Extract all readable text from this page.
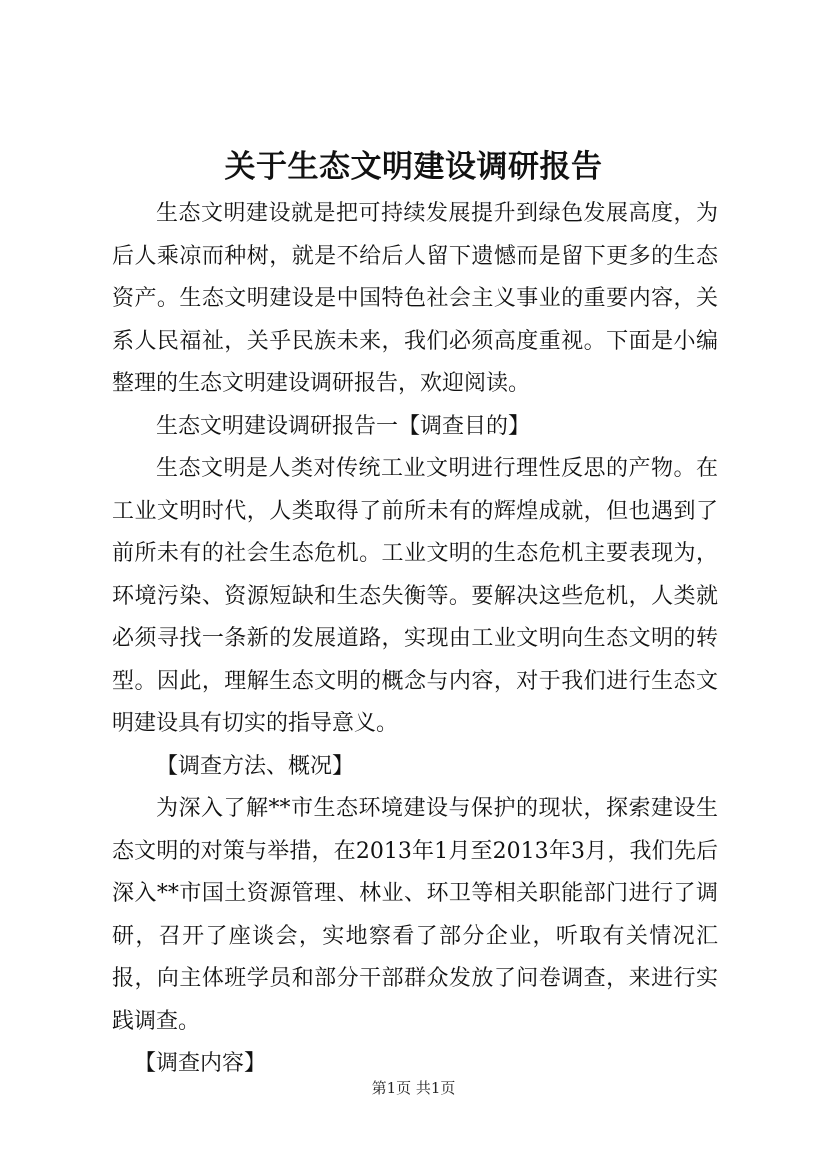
关于生态文明建设调研报告

生态文明建设就是把可持续发展提升到绿色发展高度，为后人乘凉而种树，就是不给后人留下遗憾而是留下更多的生态资产。生态文明建设是中国特色社会主义事业的重要内容，关系人民福祉，关乎民族未来，我们必须高度重视。下面是小编整理的生态文明建设调研报告，欢迎阅读。

生态文明建设调研报告一【调查目的】

生态文明是人类对传统工业文明进行理性反思的产物。在工业文明时代，人类取得了前所未有的辉煌成就，但也遇到了前所未有的社会生态危机。工业文明的生态危机主要表现为，环境污染、资源短缺和生态失衡等。要解决这些危机，人类就必须寻找一条新的发展道路，实现由工业文明向生态文明的转型。因此，理解生态文明的概念与内容，对于我们进行生态文明建设具有切实的指导意义。

【调查方法、概况】

为深入了解**市生态环境建设与保护的现状，探索建设生态文明的对策与举措，在2013年1月至2013年3月，我们先后深入**市国土资源管理、林业、环卫等相关职能部门进行了调研，召开了座谈会，实地察看了部分企业，听取有关情况汇报，向主体班学员和部分干部群众发放了问卷调查，来进行实践调查。

【调查内容】

第1页 共1页
